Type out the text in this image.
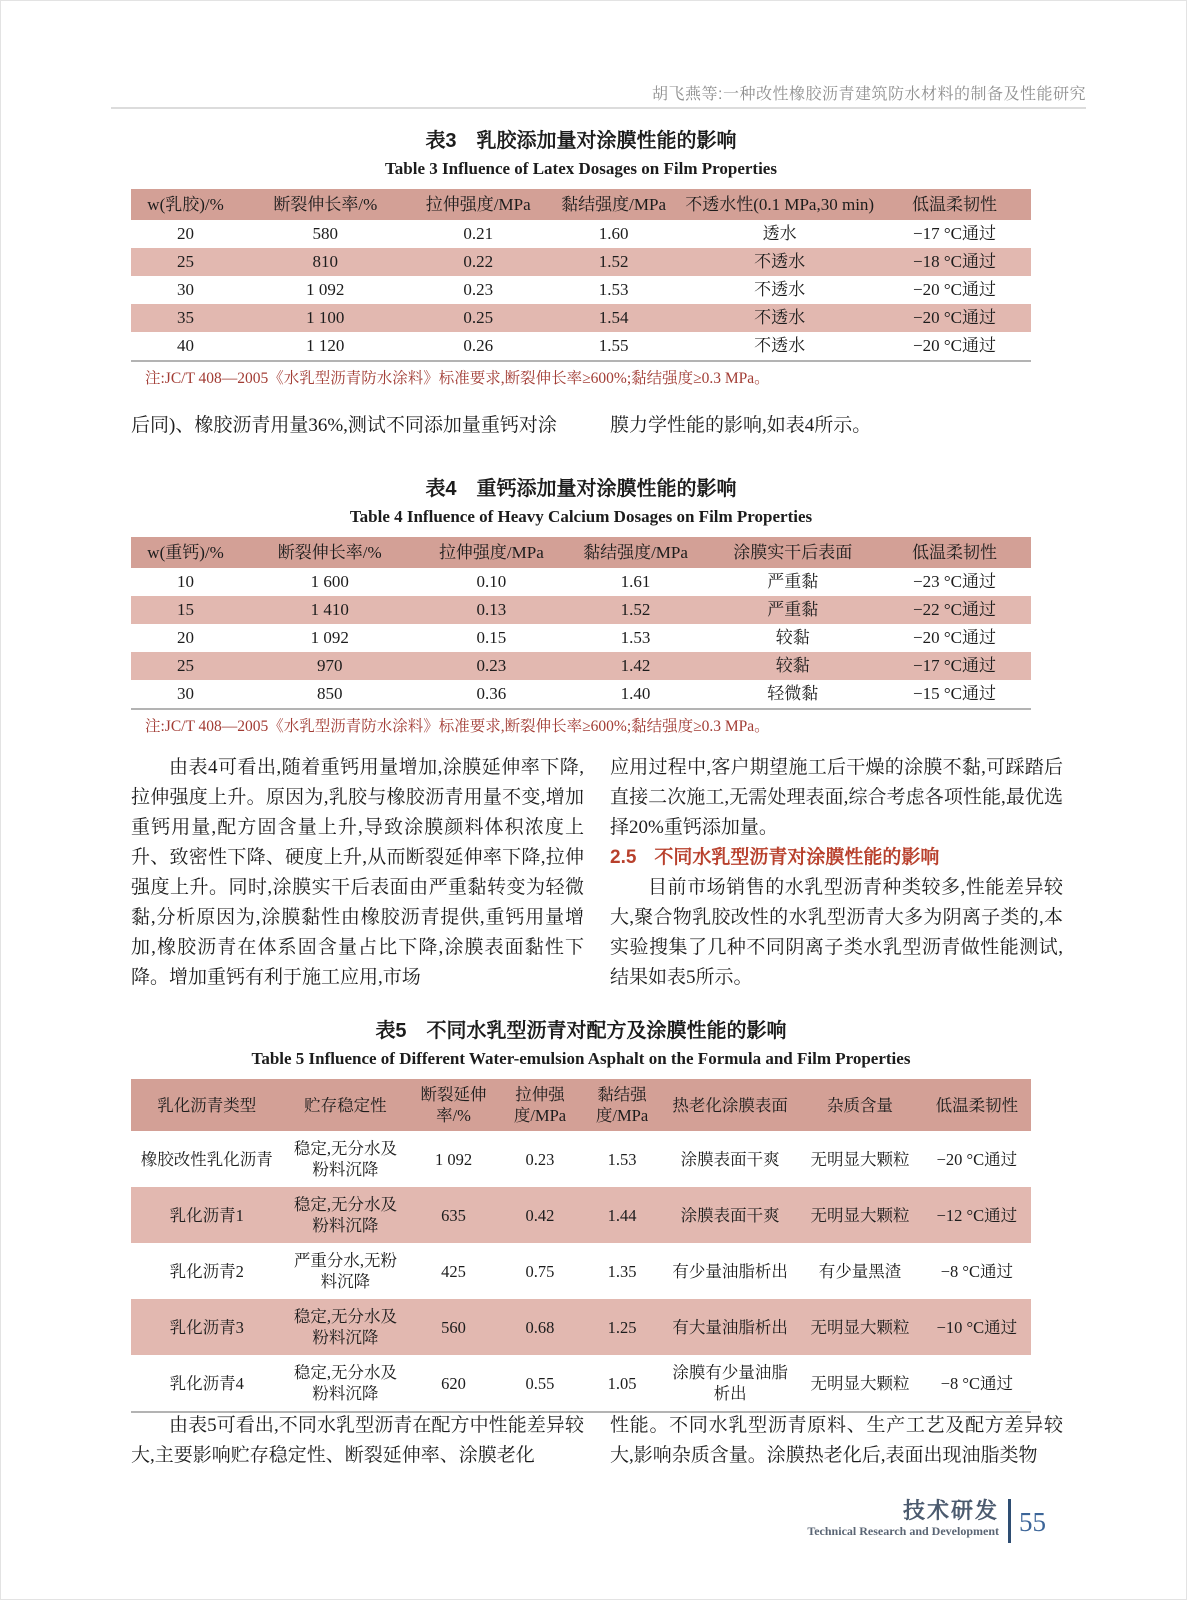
胡飞燕等:一种改性橡胶沥青建筑防水材料的制备及性能研究
表3　乳胶添加量对涂膜性能的影响
Table 3 Influence of Latex Dosages on Film Properties
w(乳胶)/%	断裂伸长率/%	拉伸强度/MPa	黏结强度/MPa	不透水性(0.1 MPa,30 min)	低温柔韧性
20	580	0.21	1.60	透水	−17 °C通过
25	810	0.22	1.52	不透水	−18 °C通过
30	1 092	0.23	1.53	不透水	−20 °C通过
35	1 100	0.25	1.54	不透水	−20 °C通过
40	1 120	0.26	1.55	不透水	−20 °C通过
注:JC/T 408—2005《水乳型沥青防水涂料》标准要求,断裂伸长率≥600%;黏结强度≥0.3 MPa。

后同)、橡胶沥青用量36%,测试不同添加量重钙对涂	膜力学性能的影响,如表4所示。

表4　重钙添加量对涂膜性能的影响
Table 4 Influence of Heavy Calcium Dosages on Film Properties
w(重钙)/%	断裂伸长率/%	拉伸强度/MPa	黏结强度/MPa	涂膜实干后表面	低温柔韧性
10	1 600	0.10	1.61	严重黏	−23 °C通过
15	1 410	0.13	1.52	严重黏	−22 °C通过
20	1 092	0.15	1.53	较黏	−20 °C通过
25	970	0.23	1.42	较黏	−17 °C通过
30	850	0.36	1.40	轻微黏	−15 °C通过
注:JC/T 408—2005《水乳型沥青防水涂料》标准要求,断裂伸长率≥600%;黏结强度≥0.3 MPa。

由表4可看出,随着重钙用量增加,涂膜延伸率下降,拉伸强度上升。原因为,乳胶与橡胶沥青用量不变,增加重钙用量,配方固含量上升,导致涂膜颜料体积浓度上升、致密性下降、硬度上升,从而断裂延伸率下降,拉伸强度上升。同时,涂膜实干后表面由严重黏转变为轻微黏,分析原因为,涂膜黏性由橡胶沥青提供,重钙用量增加,橡胶沥青在体系固含量占比下降,涂膜表面黏性下降。增加重钙有利于施工应用,市场

应用过程中,客户期望施工后干燥的涂膜不黏,可踩踏后直接二次施工,无需处理表面,综合考虑各项性能,最优选择20%重钙添加量。

2.5 不同水乳型沥青对涂膜性能的影响

目前市场销售的水乳型沥青种类较多,性能差异较大,聚合物乳胶改性的水乳型沥青大多为阴离子类的,本实验搜集了几种不同阴离子类水乳型沥青做性能测试,结果如表5所示。

表5　不同水乳型沥青对配方及涂膜性能的影响
Table 5 Influence of Different Water-emulsion Asphalt on the Formula and Film Properties
乳化沥青类型	贮存稳定性	断裂延伸率/%	拉伸强度/MPa	黏结强度/MPa	热老化涂膜表面	杂质含量	低温柔韧性
橡胶改性乳化沥青	稳定,无分水及粉料沉降	1 092	0.23	1.53	涂膜表面干爽	无明显大颗粒	−20 °C通过
乳化沥青1	稳定,无分水及粉料沉降	635	0.42	1.44	涂膜表面干爽	无明显大颗粒	−12 °C通过
乳化沥青2	严重分水,无粉料沉降	425	0.75	1.35	有少量油脂析出	有少量黑渣	−8 °C通过
乳化沥青3	稳定,无分水及粉料沉降	560	0.68	1.25	有大量油脂析出	无明显大颗粒	−10 °C通过
乳化沥青4	稳定,无分水及粉料沉降	620	0.55	1.05	涂膜有少量油脂析出	无明显大颗粒	−8 °C通过

由表5可看出,不同水乳型沥青在配方中性能差异较大,主要影响贮存稳定性、断裂延伸率、涂膜老化

性能。不同水乳型沥青原料、生产工艺及配方差异较大,影响杂质含量。涂膜热老化后,表面出现油脂类物

技术研发
Technical Research and Development 55
